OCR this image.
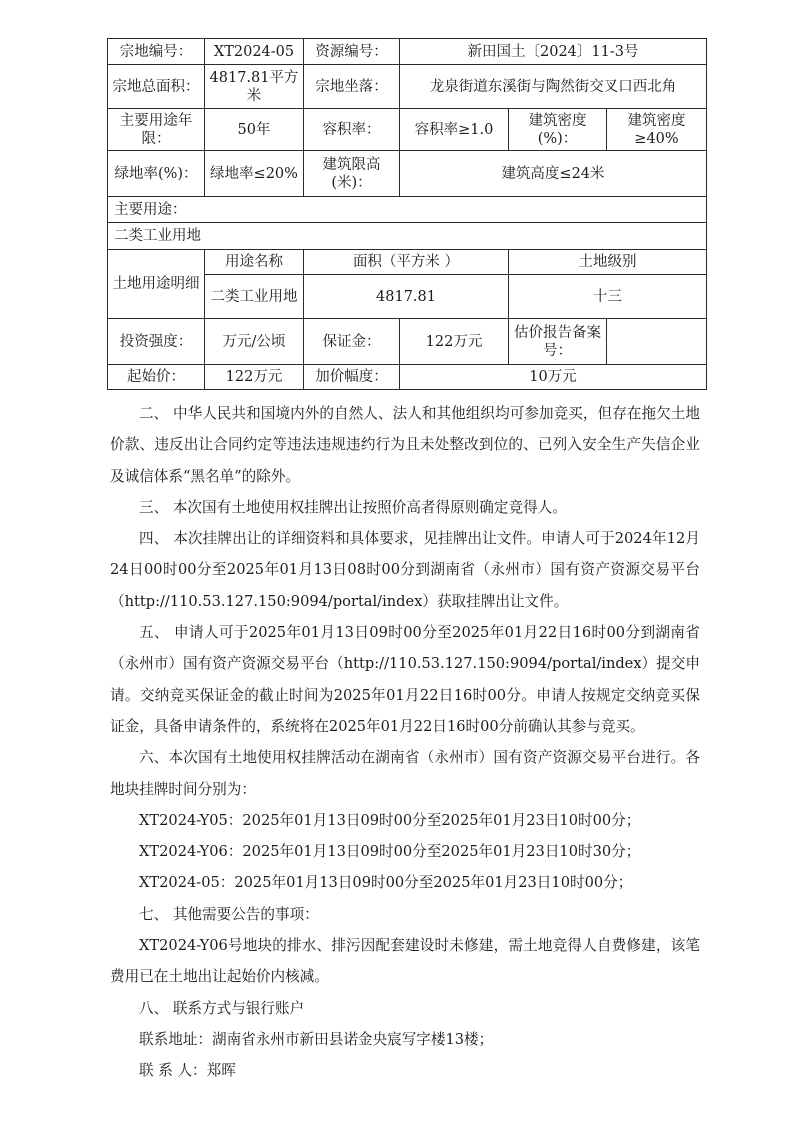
宗地编号：	XT2024-05	资源编号：	新田国土〔2024〕11-3号		
宗地总面积：	4817.81平方米	宗地坐落：	龙泉街道东溪街与陶然街交叉口西北角		
主要用途年限：	50年	容积率：	容积率≥1.0	建筑密度(%)：	建筑密度≥40%
绿地率(%)：	绿地率≤20%	建筑限高(米)：	建筑高度≤24米		
主要用途：					
二类工业用地					
土地用途明细	用途名称	面积（平方米 ）		土地级别	
	二类工业用地	4817.81		十三	
投资强度：	万元/公顷	保证金：	122万元	估价报告备案号：	
起始价：	122万元	加价幅度：	10万元		

二、 中华人民共和国境内外的自然人、法人和其他组织均可参加竞买，但存在拖欠土地价款、违反出让合同约定等违法违规违约行为且未处整改到位的、已列入安全生产失信企业及诚信体系“黑名单”的除外。

三、 本次国有土地使用权挂牌出让按照价高者得原则确定竞得人。

四、 本次挂牌出让的详细资料和具体要求，见挂牌出让文件。申请人可于2024年12月24日00时00分至2025年01月13日08时00分到湖南省（永州市）国有资产资源交易平台（http://110.53.127.150:9094/portal/index）获取挂牌出让文件。

五、 申请人可于2025年01月13日09时00分至2025年01月22日16时00分到湖南省（永州市）国有资产资源交易平台（http://110.53.127.150:9094/portal/index）提交申请。交纳竞买保证金的截止时间为2025年01月22日16时00分。申请人按规定交纳竞买保证金，具备申请条件的，系统将在2025年01月22日16时00分前确认其参与竞买。

六、本次国有土地使用权挂牌活动在湖南省（永州市）国有资产资源交易平台进行。各地块挂牌时间分别为：

XT2024-Y05：2025年01月13日09时00分至2025年01月23日10时00分；

XT2024-Y06：2025年01月13日09时00分至2025年01月23日10时30分；

XT2024-05：2025年01月13日09时00分至2025年01月23日10时00分；

七、 其他需要公告的事项：

XT2024-Y06号地块的排水、排污因配套建设时未修建，需土地竞得人自费修建，该笔费用已在土地出让起始价内核减。

八、 联系方式与银行账户

联系地址：湖南省永州市新田县诺金央宸写字楼13楼；

联 系 人：郑晖
